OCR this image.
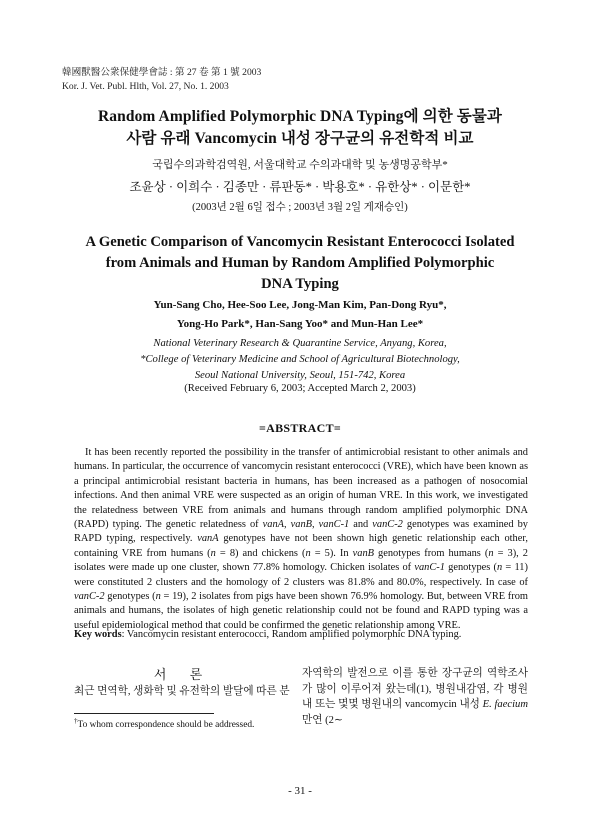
韓國獸醫公衆保健學會誌 : 第 27 卷 第 1 號 2003
Kor. J. Vet. Publ. Hlth, Vol. 27, No. 1. 2003
Random Amplified Polymorphic DNA Typing에 의한 동물과
사람 유래 Vancomycin 내성 장구균의 유전학적 비교
국립수의과학검역원, 서울대학교 수의과대학 및 농생명공학부*
조윤상 · 이희수 · 김종만 · 류판동* · 박용호* · 유한상* · 이문한*
(2003년 2월 6일 접수 ; 2003년 3월 2일 게재승인)
A Genetic Comparison of Vancomycin Resistant Enterococci Isolated
from Animals and Human by Random Amplified Polymorphic
DNA Typing
Yun-Sang Cho, Hee-Soo Lee, Jong-Man Kim, Pan-Dong Ryu*,
Yong-Ho Park*, Han-Sang Yoo* and Mun-Han Lee*
National Veterinary Research & Quarantine Service, Anyang, Korea,
*College of Veterinary Medicine and School of Agricultural Biotechnology,
Seoul National University, Seoul, 151-742, Korea
(Received February 6, 2003; Accepted March 2, 2003)
=ABSTRACT=

It has been recently reported the possibility in the transfer of antimicrobial resistant to other animals and humans. In particular, the occurrence of vancomycin resistant enterococci (VRE), which have been known as a principal antimicrobial resistant bacteria in humans, has been increased as a pathogen of nosocomial infections. And then animal VRE were suspected as an origin of human VRE. In this work, we investigated the relatedness between VRE from animals and humans through random amplified polymorphic DNA (RAPD) typing. The genetic relatedness of vanA, vanB, vanC-1 and vanC-2 genotypes was examined by RAPD typing, respectively. vanA genotypes have not been shown high genetic relationship each other, containing VRE from humans (n = 8) and chickens (n = 5). In vanB genotypes from humans (n = 3), 2 isolates were made up one cluster, shown 77.8% homology. Chicken isolates of vanC-1 genotypes (n = 11) were constituted 2 clusters and the homology of 2 clusters was 81.8% and 80.0%, respectively. In case of vanC-2 genotypes (n = 19), 2 isolates from pigs have been shown 76.9% homology. But, between VRE from animals and humans, the isolates of high genetic relationship could not be found and RAPD typing was a useful epidemiological method that could be confirmed the genetic relationship among VRE.

Key words: Vancomycin resistant enterococci, Random amplified polymorphic DNA typing.

서 론

최근 면역학, 생화학 및 유전학의 발달에 따른 분

자역학의 발전으로 이를 통한 장구균의 역학조사가 많이 이루어져 왔는데(1), 병원내감염, 각 병원내 또는 몇몇 병원내의 vancomycin 내성 E. faecium 만연 (2∼

†To whom correspondence should be addressed.
- 31 -
